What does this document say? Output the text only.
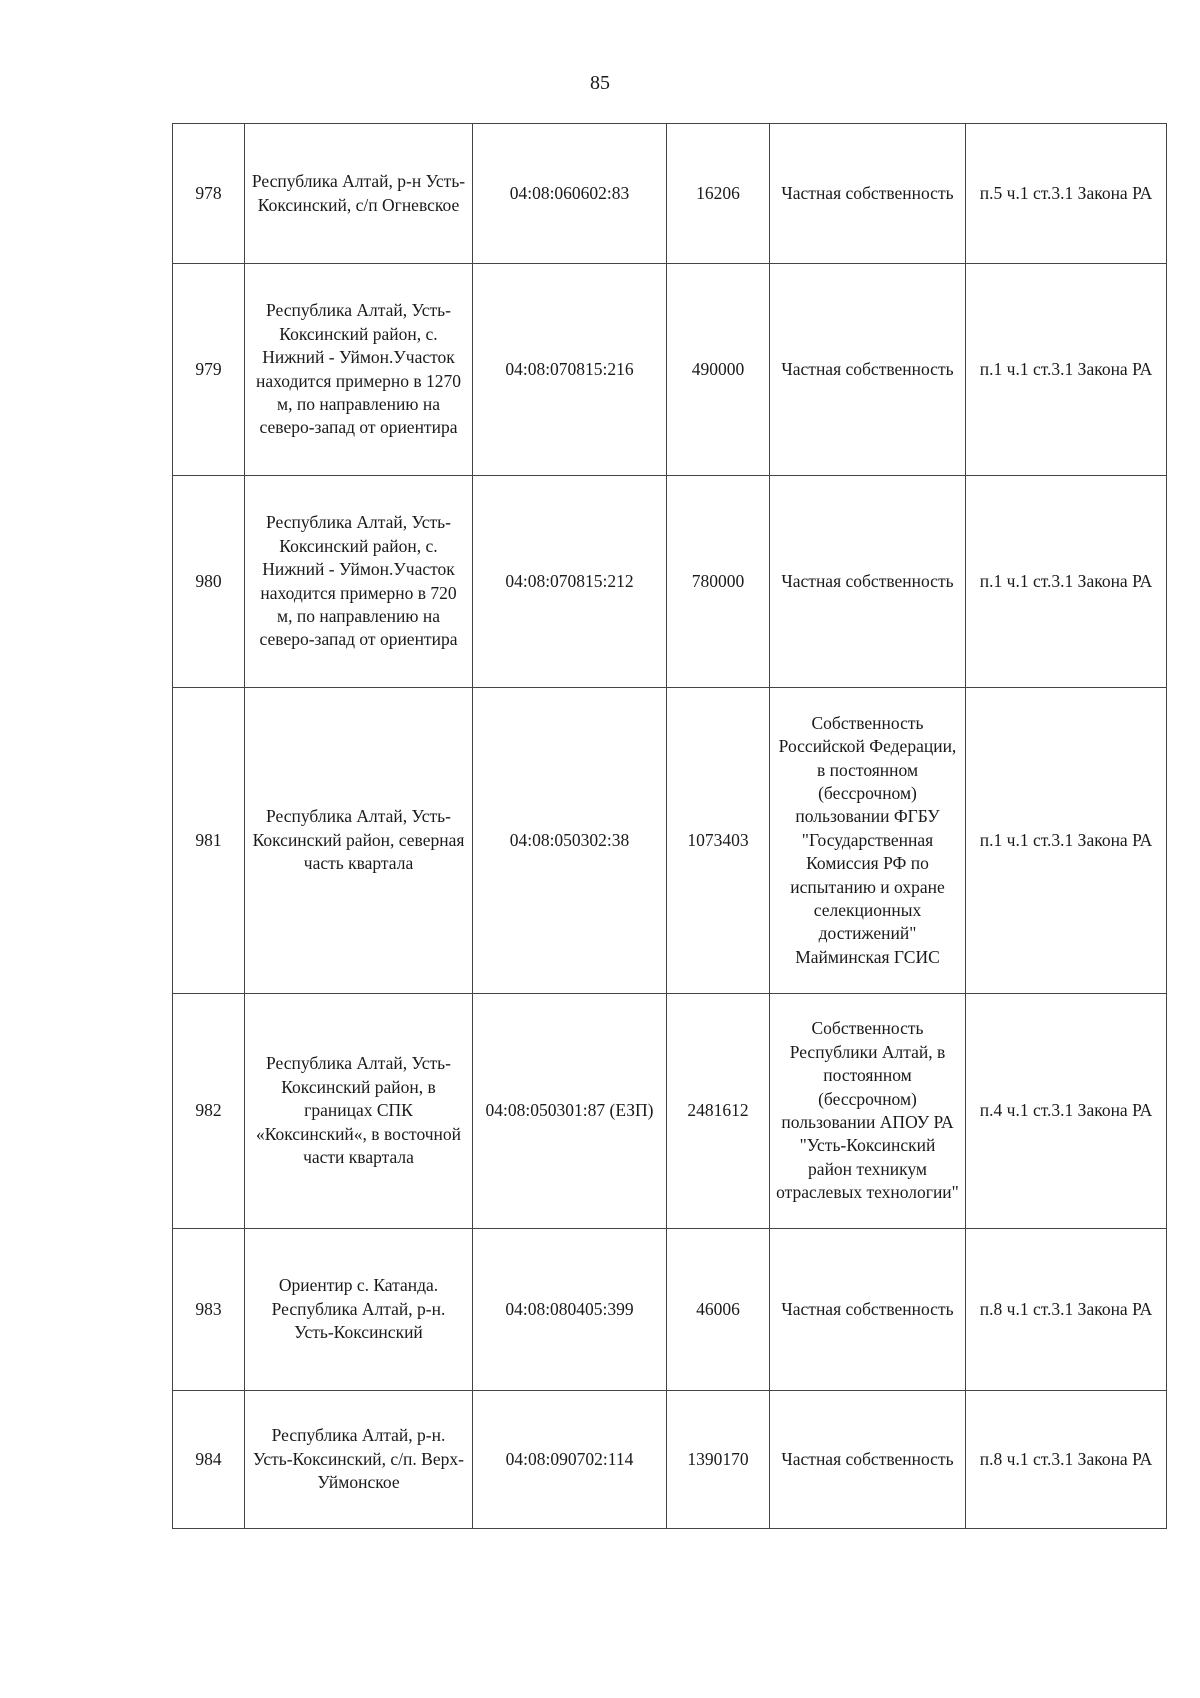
85
978	Республика Алтай, р-н Усть-Коксинский, с/п Огневское	04:08:060602:83	16206	Частная собственность	п.5 ч.1 ст.3.1 Закона РА
979	Республика Алтай, Усть-Коксинский район, с. Нижний - Уймон.Участок находится примерно в 1270 м, по направлению на северо-запад от ориентира	04:08:070815:216	490000	Частная собственность	п.1 ч.1 ст.3.1 Закона РА
980	Республика Алтай, Усть-Коксинский район, с. Нижний - Уймон.Участок находится примерно в 720 м, по направлению на северо-запад от ориентира	04:08:070815:212	780000	Частная собственность	п.1 ч.1 ст.3.1 Закона РА
981	Республика Алтай, Усть-Коксинский район, северная часть квартала	04:08:050302:38	1073403	Собственность Российской Федерации, в постоянном (бессрочном) пользовании ФГБУ "Государственная Комиссия РФ по испытанию и охране селекционных достижений" Майминская ГСИС	п.1 ч.1 ст.3.1 Закона РА
982	Республика Алтай, Усть-Коксинский район, в границах СПК «Коксинский«, в восточной части квартала	04:08:050301:87 (ЕЗП)	2481612	Собственность Республики Алтай, в постоянном (бессрочном) пользовании АПОУ РА "Усть-Коксинский район техникум отраслевых технологии"	п.4 ч.1 ст.3.1 Закона РА
983	Ориентир с. Катанда. Республика Алтай, р-н. Усть-Коксинский	04:08:080405:399	46006	Частная собственность	п.8 ч.1 ст.3.1 Закона РА
984	Республика Алтай, р-н. Усть-Коксинский, с/п. Верх-Уймонское	04:08:090702:114	1390170	Частная собственность	п.8 ч.1 ст.3.1 Закона РА
